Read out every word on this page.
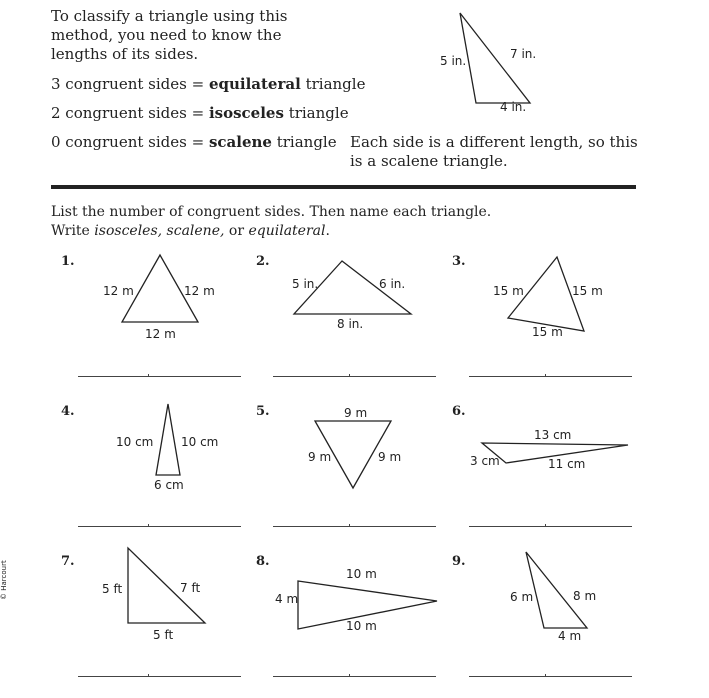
To classify a triangle using this
method, you need to know the
lengths of its sides.
3 congruent sides = equilateral triangle
2 congruent sides = isosceles triangle
0 congruent sides = scalene triangle
5 in.	7 in.
4 in.
Each side is a different length, so this
is a scalene triangle.
List the number of congruent sides. Then name each triangle.
Write isosceles, scalene, or equilateral.
1.	2.	3.
4.	5.	6.
7.	8.	9.
12 m	12 m
12 m
5 in.	6 in.
8 in.
15 m	15 m
15 m
10 cm 10 cm
6 cm
9 m
9 m	9 m
13 cm
3 cm	11 cm
5 ft	7 ft
5 ft
10 m
4 m
10 m
6 m	8 m
4 m
© Harcourt
